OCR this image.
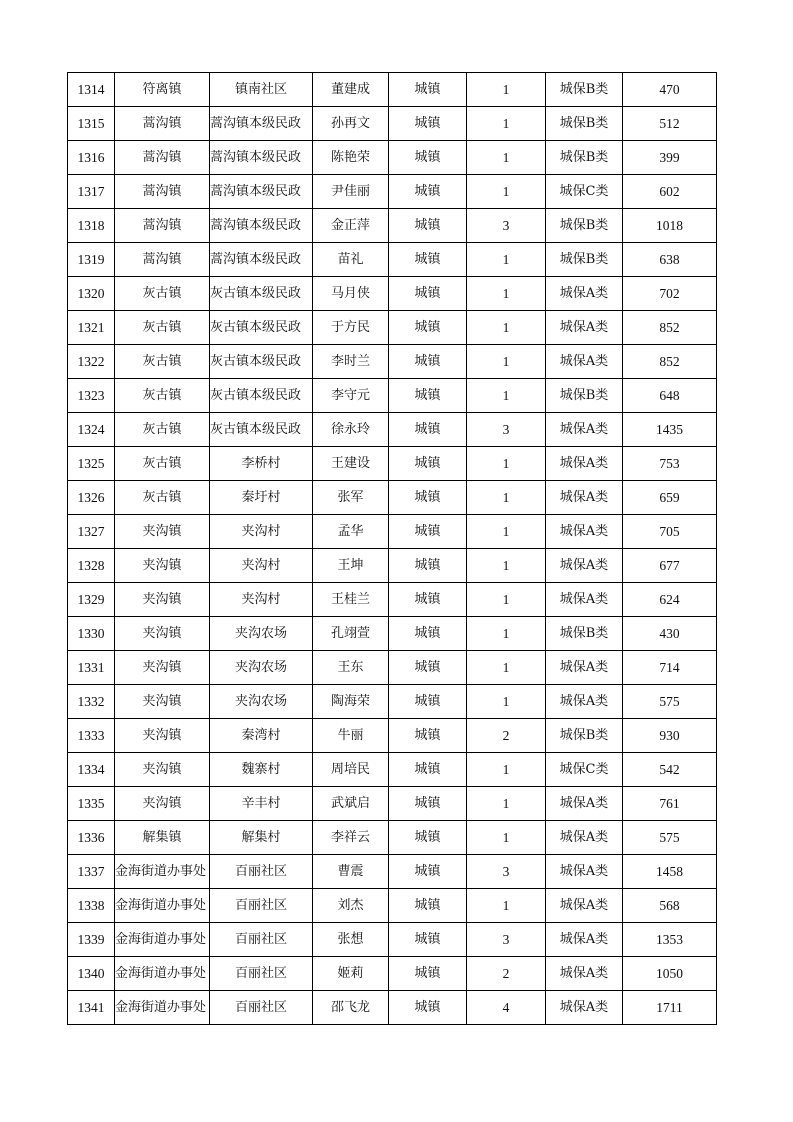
1314	符离镇	镇南社区	董建成	城镇	1	城保B类	470
1315	蒿沟镇	蒿沟镇本级民政	孙再文	城镇	1	城保B类	512
1316	蒿沟镇	蒿沟镇本级民政	陈艳荣	城镇	1	城保B类	399
1317	蒿沟镇	蒿沟镇本级民政	尹佳丽	城镇	1	城保C类	602
1318	蒿沟镇	蒿沟镇本级民政	金正萍	城镇	3	城保B类	1018
1319	蒿沟镇	蒿沟镇本级民政	苗礼	城镇	1	城保B类	638
1320	灰古镇	灰古镇本级民政	马月侠	城镇	1	城保A类	702
1321	灰古镇	灰古镇本级民政	于方民	城镇	1	城保A类	852
1322	灰古镇	灰古镇本级民政	李时兰	城镇	1	城保A类	852
1323	灰古镇	灰古镇本级民政	李守元	城镇	1	城保B类	648
1324	灰古镇	灰古镇本级民政	徐永玲	城镇	3	城保A类	1435
1325	灰古镇	李桥村	王建设	城镇	1	城保A类	753
1326	灰古镇	秦圩村	张军	城镇	1	城保A类	659
1327	夹沟镇	夹沟村	孟华	城镇	1	城保A类	705
1328	夹沟镇	夹沟村	王坤	城镇	1	城保A类	677
1329	夹沟镇	夹沟村	王桂兰	城镇	1	城保A类	624
1330	夹沟镇	夹沟农场	孔翊萱	城镇	1	城保B类	430
1331	夹沟镇	夹沟农场	王东	城镇	1	城保A类	714
1332	夹沟镇	夹沟农场	陶海荣	城镇	1	城保A类	575
1333	夹沟镇	秦湾村	牛丽	城镇	2	城保B类	930
1334	夹沟镇	魏寨村	周培民	城镇	1	城保C类	542
1335	夹沟镇	辛丰村	武斌启	城镇	1	城保A类	761
1336	解集镇	解集村	李祥云	城镇	1	城保A类	575
1337	金海街道办事处	百丽社区	曹震	城镇	3	城保A类	1458
1338	金海街道办事处	百丽社区	刘杰	城镇	1	城保A类	568
1339	金海街道办事处	百丽社区	张想	城镇	3	城保A类	1353
1340	金海街道办事处	百丽社区	姬莉	城镇	2	城保A类	1050
1341	金海街道办事处	百丽社区	邵飞龙	城镇	4	城保A类	1711
